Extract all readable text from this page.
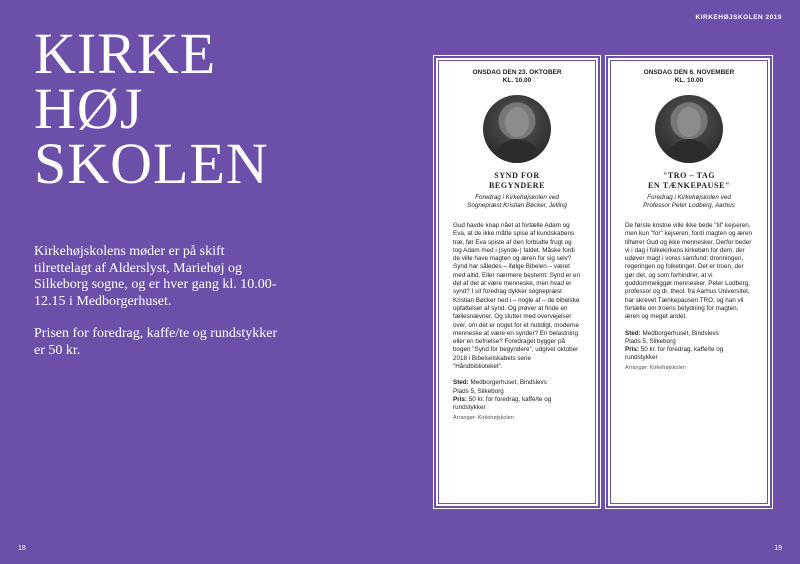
KIRKEHØJSKOLEN 2019
KIRKE
HØJ
SKOLEN

Kirkehøjskolens møder er på skift tilrettelagt af Alderslyst, Mariehøj og Silkeborg sogne, og er hver gang kl. 10.00-12.15 i Medborgerhuset.

Prisen for foredrag, kaffe/te og rundstykker er 50 kr.

ONSDAG DEN 23. OKTOBER
KL. 10.00
SYND FOR
BEGYNDERE
Foredrag i Kirkehøjskolen ved
Sognepræst Kristian Bøcker, Jelling
Gud havde knap nået at fortælle Adam og Eva, at de ikke måtte spise af kundskabens træ, før Eva spiste af den forbudte frugt og tog Adam med i (synde-) faldet. Måske fordi de ville have magten og æren for sig selv? Synd har således – ifølge Bibelen – været med altid. Eller nærmere bestemt: Synd er en del af det at være menneske, men hvad er synd? I sit foredrag dykker sognepræst Kristian Bøcker ned i – nogle af – de bibelske opfattelser af synd. Og prøver at finde en fællesnævner. Og slutter med overvejelser over, om det er noget for et nutidigt, moderne menneske at være en synder? En belastning eller en befrielse? Foredraget bygger på bogen "Synd for begyndere", udgivet oktober 2018 i Bibelselskabets serie "Håndbiblioteket".
Sted: Medborgerhuset, Bindslevs
Plads 5, Silkeborg
Pris: 50 kr. for foredrag, kaffe/te og
rundstykker
Arrangør: Kirkehøjskolen
ONSDAG DEN 6. NOVEMBER
KL. 10.00
"TRO – TAG
EN TÆNKEPAUSE"
Foredrag i Kirkehøjskolen ved
Professor Peter Lodberg, Aarhus
De første kristne ville ikke bede "til" kejseren, men kun "for" kejseren, fordi magten og æren tilhører Gud og ikke mennesker. Derfor beder vi i dag i folkekirkens kirkebøn for dem, der udøver magt i vores samfund: dronningen, regeringen og folketinget. Det er troen, der gør det, og som forhindrer, at vi guddommeliggør mennesker. Peter Lodberg, professor og dr. theol. fra Aarhus Universitet, har skrevet Tænkepausen TRO, og han vil fortælle om troens betydning for magten, æren og meget andet.
Sted: Medborgerhuset, Bindslevs
Plads 5, Silkeborg
Pris: 50 kr. for foredrag, kaffe/te og
rundstykker
Arrangør: Kirkehøjskolen
18	19
